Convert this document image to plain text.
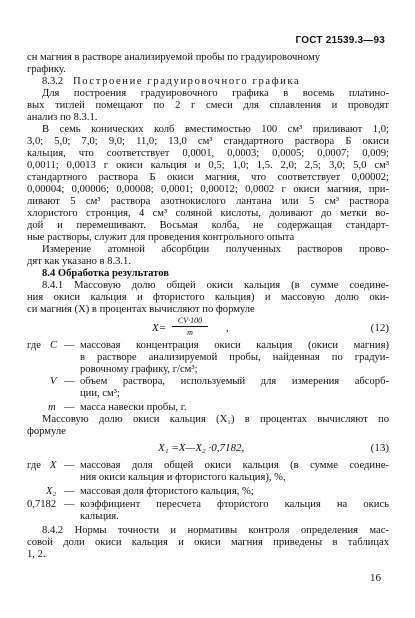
ГОСТ 21539.3—93
сн магния в растворе анализируемой пробы по градуировочному
графику.
8.3.2 Построение градуировочного графика
Для построения градуировочного графика в восемь платино-
вых тиглей помещают по 2 г смеси для сплавления и проводят
анализ по 8.3.1.
В семь конических колб вместимостью 100 см³ приливают 1,0;
3,0; 5,0; 7,0; 9,0; 11,0; 13,0 см³ стандартного раствора Б окиси
кальция, что соответствует 0,0001, 0,0003; 0,0005; 0,0007; 0,009;
0,0011; 0,0013 г окиси кальция и 0,5; 1,0; 1,5. 2,0; 2,5; 3,0; 5,0 см³
стандартного раствора Б окиси магния, что соответствует 0,00002;
0,00004; 0,00006; 0,00008; 0,0001; 0,00012; 0,0002 г окиси магния, при-
ливают 5 см³ раствора азотнокислого лантана или 5 см³ раствора
хлористого стронция, 4 см³ соляной кислоты, доливают до метки во-
дой и перемешивают. Восьмая колба, не содержащая стандарт-
ные растворы, служит для проведения контрольного опыта
Измерение атомной абсорбции полученных растворов прово-
дят как указано в 8.3.1.
8.4 Обработка результатов
8.4.1 Массовую долю общей окиси кальция (в сумме соедине-
ния окиси кальция и фтористого кальция) и массовую долю оки-
си магния (X) в процентах вычисляют по формуле
X=
CV·100
m	,	(12)
где C — массовая концентрация окиси кальция (окиси магния)
в растворе анализируемой пробы, найденная по градуи-
ровочному графику, г/см³;
V — объем раствора, используемый для измерения абсорб-
ции, см³;
m — масса навески пробы, г.
Массовую долю окиси кальция (X₁) в процентах вычисляют по
формуле
X₁ =X—X₂ ·0,7182,	(13)
где X — массовая доля общей окиси кальция (в сумме соедине-
ния окиси кальция и фтористого кальция), %,
X₂ — массовая доля фтористого кальция, %;
0,7182 — коэффициент пересчета фтористого кальция на окись
кальция.
8.4.2 Нормы точности и нормативы контроля определения мас-
совой доли окиси кальция и окиси магния приведены в таблицах
1, 2.
16
